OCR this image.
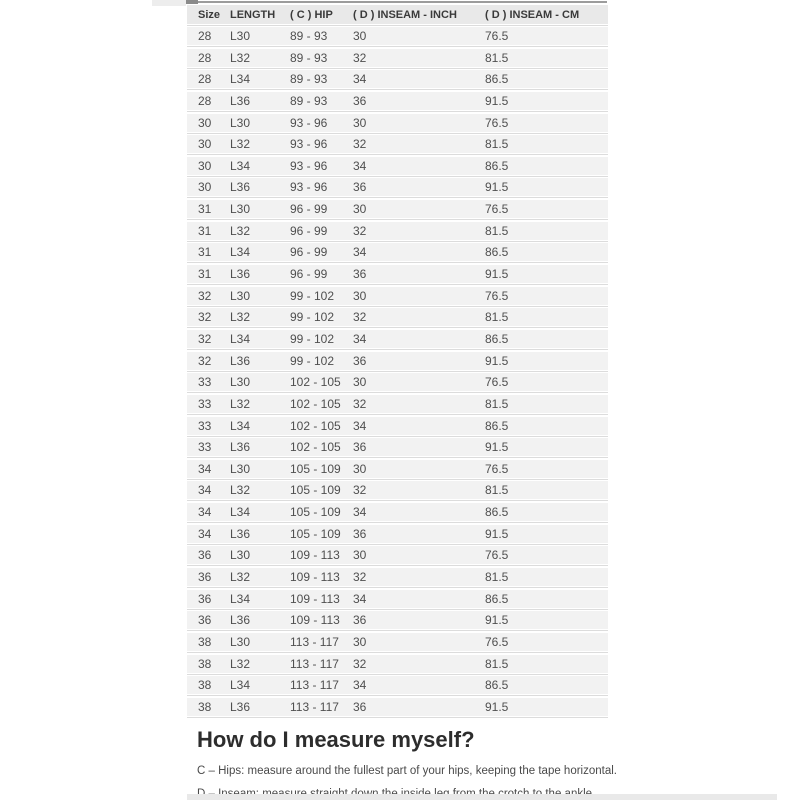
Size	LENGTH	( C ) HIP	( D ) INSEAM - INCH	( D ) INSEAM - CM
28	L30	89 - 93	30	76.5
28	L32	89 - 93	32	81.5
28	L34	89 - 93	34	86.5
28	L36	89 - 93	36	91.5
30	L30	93 - 96	30	76.5
30	L32	93 - 96	32	81.5
30	L34	93 - 96	34	86.5
30	L36	93 - 96	36	91.5
31	L30	96 - 99	30	76.5
31	L32	96 - 99	32	81.5
31	L34	96 - 99	34	86.5
31	L36	96 - 99	36	91.5
32	L30	99 - 102	30	76.5
32	L32	99 - 102	32	81.5
32	L34	99 - 102	34	86.5
32	L36	99 - 102	36	91.5
33	L30	102 - 105	30	76.5
33	L32	102 - 105	32	81.5
33	L34	102 - 105	34	86.5
33	L36	102 - 105	36	91.5
34	L30	105 - 109	30	76.5
34	L32	105 - 109	32	81.5
34	L34	105 - 109	34	86.5
34	L36	105 - 109	36	91.5
36	L30	109 - 113	30	76.5
36	L32	109 - 113	32	81.5
36	L34	109 - 113	34	86.5
36	L36	109 - 113	36	91.5
38	L30	113 - 117	30	76.5
38	L32	113 - 117	32	81.5
38	L34	113 - 117	34	86.5
38	L36	113 - 117	36	91.5
How do I measure myself?

C – Hips: measure around the fullest part of your hips, keeping the tape horizontal.
